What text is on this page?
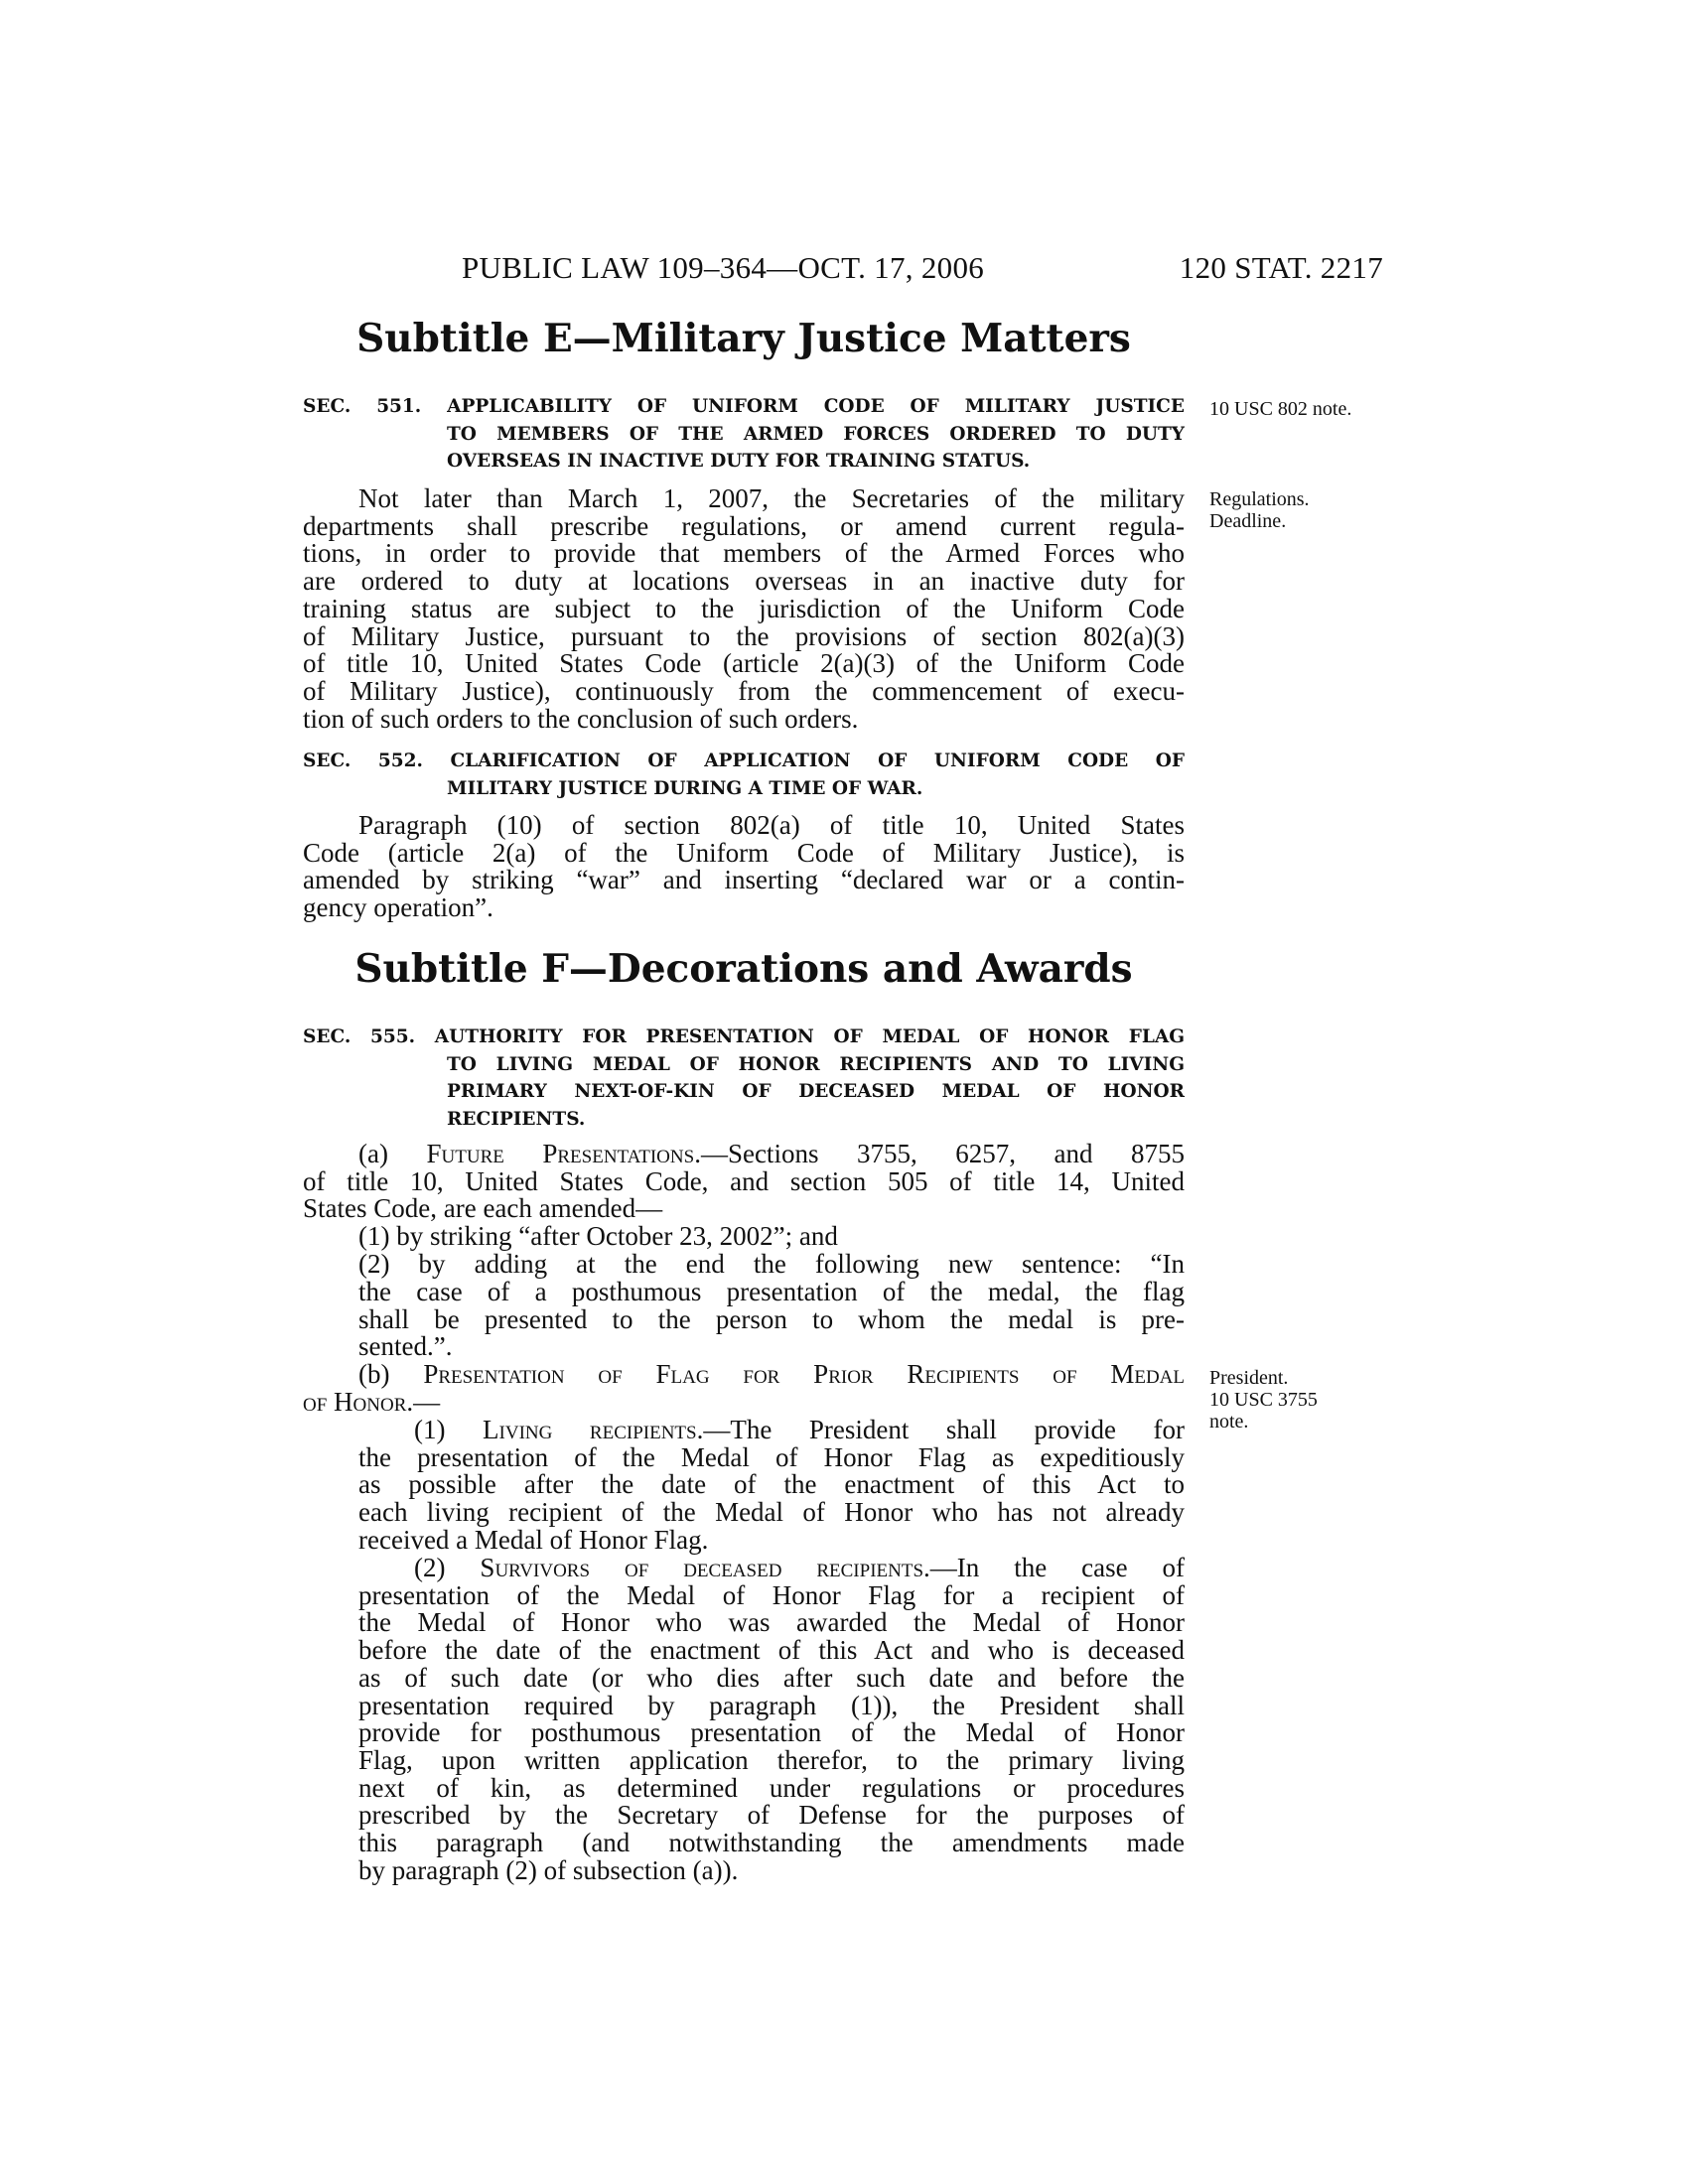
PUBLIC LAW 109–364—OCT. 17, 2006	120 STAT. 2217
Subtitle E—Military Justice Matters
SEC. 551. APPLICABILITY OF UNIFORM CODE OF MILITARY JUSTICE
TO MEMBERS OF THE ARMED FORCES ORDERED TO DUTY
OVERSEAS IN INACTIVE DUTY FOR TRAINING STATUS.
10 USC 802 note.
Not later than March 1, 2007, the Secretaries of the military
departments shall prescribe regulations, or amend current regula-
tions, in order to provide that members of the Armed Forces who
are ordered to duty at locations overseas in an inactive duty for
training status are subject to the jurisdiction of the Uniform Code
of Military Justice, pursuant to the provisions of section 802(a)(3)
of title 10, United States Code (article 2(a)(3) of the Uniform Code
of Military Justice), continuously from the commencement of execu-
tion of such orders to the conclusion of such orders.
Regulations.
Deadline.
SEC. 552. CLARIFICATION OF APPLICATION OF UNIFORM CODE OF
MILITARY JUSTICE DURING A TIME OF WAR.
Paragraph (10) of section 802(a) of title 10, United States
Code (article 2(a) of the Uniform Code of Military Justice), is
amended by striking “war” and inserting “declared war or a contin-
gency operation”.
Subtitle F—Decorations and Awards
SEC. 555. AUTHORITY FOR PRESENTATION OF MEDAL OF HONOR FLAG
TO LIVING MEDAL OF HONOR RECIPIENTS AND TO LIVING
PRIMARY NEXT-OF-KIN OF DECEASED MEDAL OF HONOR
RECIPIENTS.
(a) Future Presentations.—Sections 3755, 6257, and 8755
of title 10, United States Code, and section 505 of title 14, United
States Code, are each amended—
(1) by striking “after October 23, 2002”; and
(2) by adding at the end the following new sentence: “In
the case of a posthumous presentation of the medal, the flag
shall be presented to the person to whom the medal is pre-
sented.”.
(b) Presentation of Flag for Prior Recipients of Medal
of Honor.—
President.
10 USC 3755
note.
(1) Living recipients.—The President shall provide for
the presentation of the Medal of Honor Flag as expeditiously
as possible after the date of the enactment of this Act to
each living recipient of the Medal of Honor who has not already
received a Medal of Honor Flag.
(2) Survivors of deceased recipients.—In the case of
presentation of the Medal of Honor Flag for a recipient of
the Medal of Honor who was awarded the Medal of Honor
before the date of the enactment of this Act and who is deceased
as of such date (or who dies after such date and before the
presentation required by paragraph (1)), the President shall
provide for posthumous presentation of the Medal of Honor
Flag, upon written application therefor, to the primary living
next of kin, as determined under regulations or procedures
prescribed by the Secretary of Defense for the purposes of
this paragraph (and notwithstanding the amendments made
by paragraph (2) of subsection (a)).
